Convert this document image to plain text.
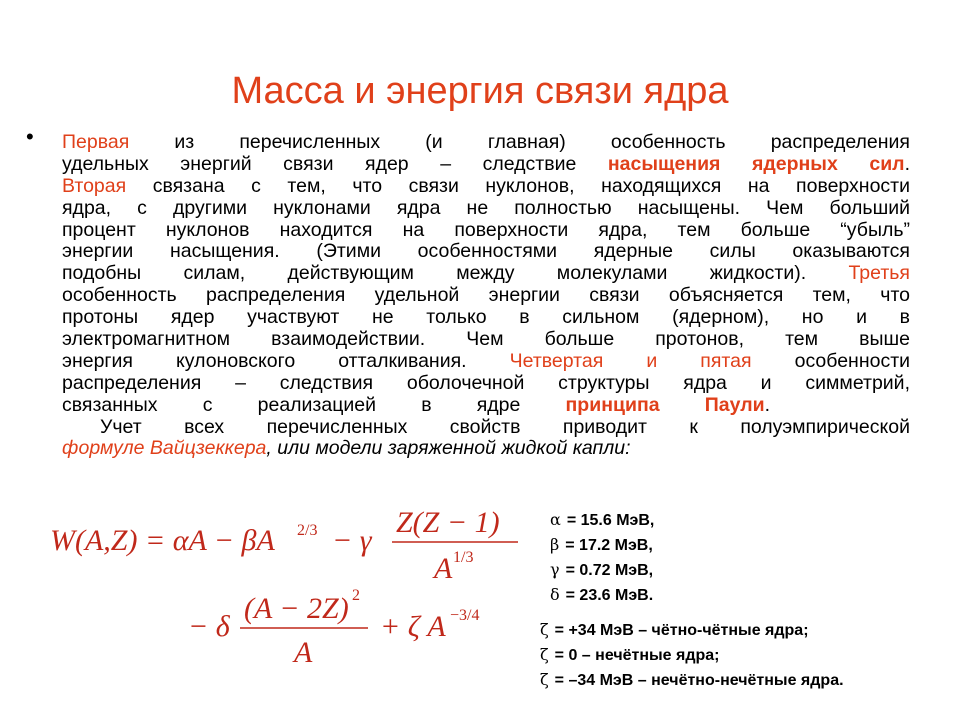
Масса и энергия связи ядра
• Первая из перечисленных (и главная) особенность распределения
удельных энергий связи ядер – следствие насыщения ядерных сил.
Вторая связана с тем, что связи нуклонов, находящихся на поверхности
ядра, с другими нуклонами ядра не полностью насыщены. Чем больший
процент нуклонов находится на поверхности ядра, тем больше “убыль”
энергии насыщения. (Этими особенностями ядерные силы оказываются
подобны силам, действующим между молекулами жидкости). Третья
особенность распределения удельной энергии связи объясняется тем, что
протоны ядер участвуют не только в сильном (ядерном), но и в
электромагнитном взаимодействии. Чем больше протонов, тем выше
энергия кулоновского отталкивания. Четвертая и пятая особенности
распределения – следствия оболочечной структуры ядра и симметрий,
связанных с реализацией в ядре принципа Паули.
Учет всех перечисленных свойств приводит к полуэмпирической
формуле Вайцзеккера, или модели заряженной жидкой капли:
W(A,Z) = αA − βA 2/3 − γ
Z(Z − 1)
A 1/3
− δ
(A − 2Z) 2
A
+ ζ A −3/4
α = 15.6 МэВ,
β = 17.2 МэВ,
γ = 0.72 МэВ,
δ = 23.6 МэВ.
ζ = +34 МэВ – чётно-чётные ядра;
ζ = 0 – нечётные ядра;
ζ = –34 МэВ – нечётно-нечётные ядра.
